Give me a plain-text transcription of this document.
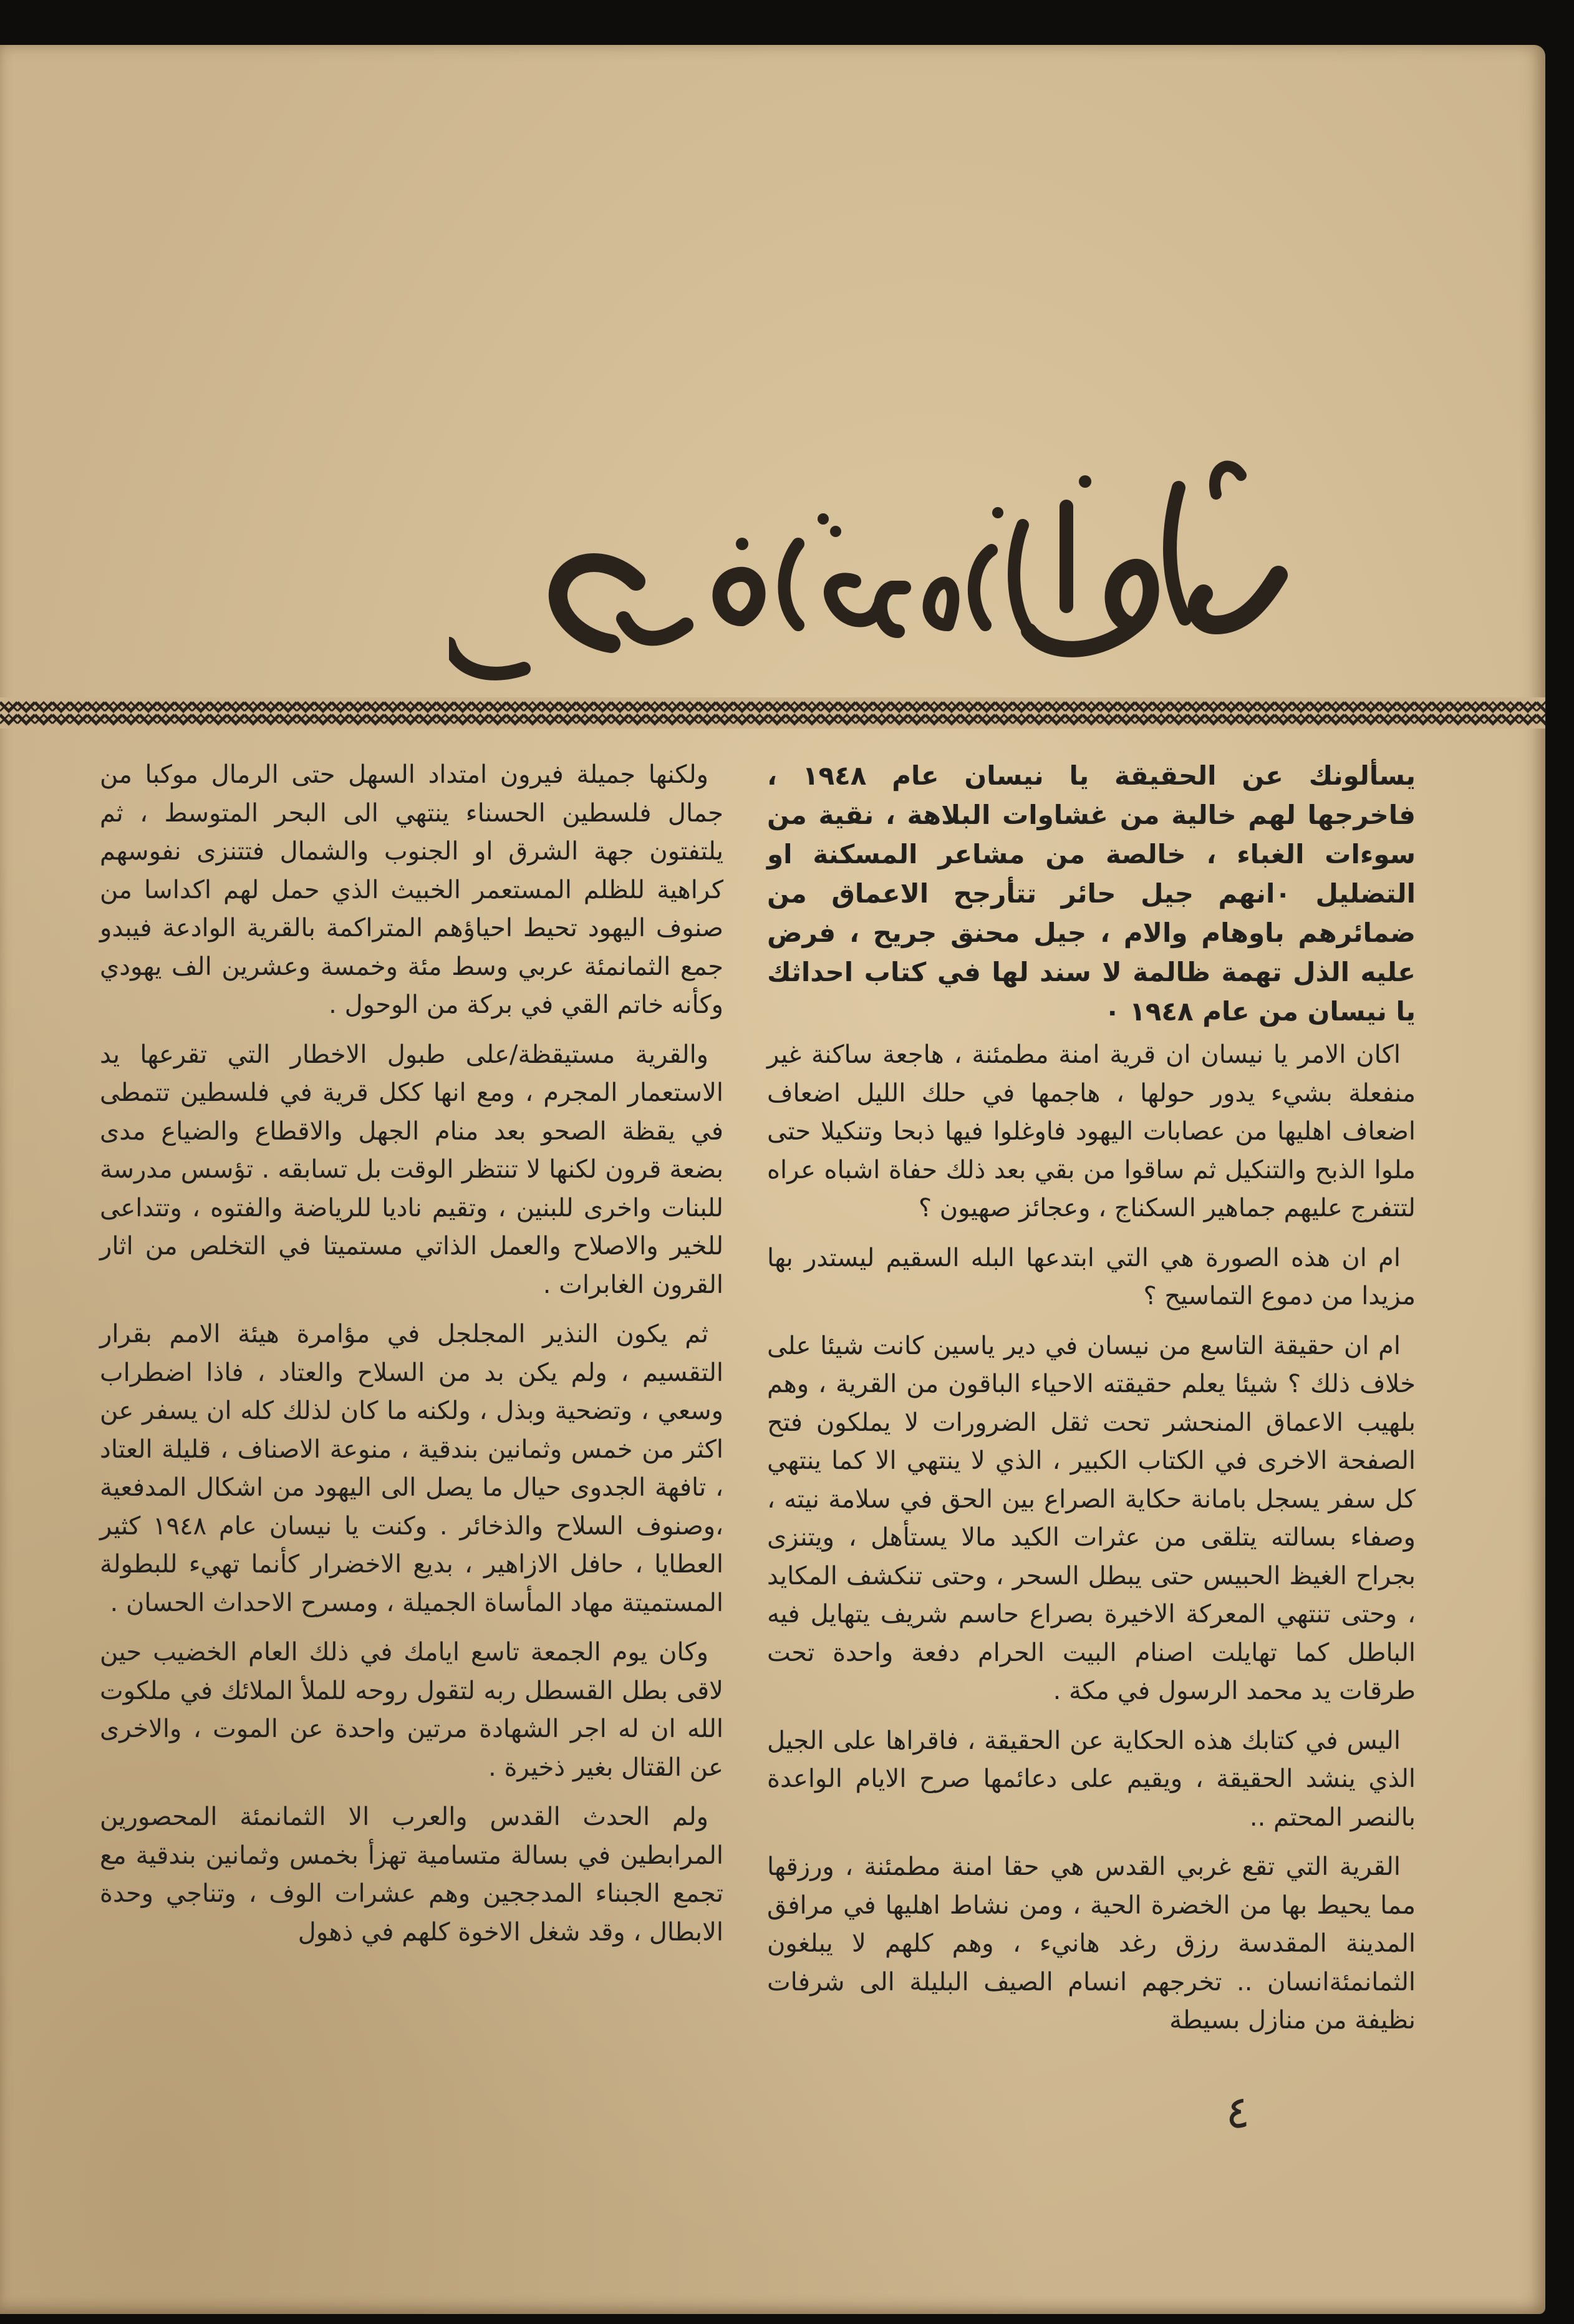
يسألونك عن الحقيقة يا نيسان عام ١٩٤٨ ، فاخرجها لهم خالية من غشاوات البلاهة ، نقية من سوءات الغباء ، خالصة من مشاعر المسكنة او التضليل ٠انهم جيل حائر تتأرجح الاعماق من ضمائرهم باوهام والام ، جيل محنق جريح ، فرض عليه الذل تهمة ظالمة لا سند لها في كتاب احداثك يا نيسان من عام ١٩٤٨ ٠

اكان الامر يا نيسان ان قرية امنة مطمئنة ، هاجعة ساكنة غير منفعلة بشيء يدور حولها ، هاجمها في حلك الليل اضعاف اضعاف اهليها من عصابات اليهود فاوغلوا فيها ذبحا وتنكيلا حتى ملوا الذبح والتنكيل ثم ساقوا من بقي بعد ذلك حفاة اشباه عراه لتتفرج عليهم جماهير السكناج ، وعجائز صهيون ؟

ام ان هذه الصورة هي التي ابتدعها البله السقيم ليستدر بها مزيدا من دموع التماسيح ؟

ام ان حقيقة التاسع من نيسان في دير ياسين كانت شيئا على خلاف ذلك ؟ شيئا يعلم حقيقته الاحياء الباقون من القرية ، وهم بلهيب الاعماق المنحشر تحت ثقل الضرورات لا يملكون فتح الصفحة الاخرى في الكتاب الكبير ، الذي لا ينتهي الا كما ينتهي كل سفر يسجل بامانة حكاية الصراع بين الحق في سلامة نيته ، وصفاء بسالته يتلقى من عثرات الكيد مالا يستأهل ، ويتنزى بجراح الغيظ الحبيس حتى يبطل السحر ، وحتى تنكشف المكايد ، وحتى تنتهي المعركة الاخيرة بصراع حاسم شريف يتهايل فيه الباطل كما تهايلت اصنام البيت الحرام دفعة واحدة تحت طرقات يد محمد الرسول في مكة .

اليس في كتابك هذه الحكاية عن الحقيقة ، فاقراها على الجيل الذي ينشد الحقيقة ، ويقيم على دعائمها صرح الايام الواعدة بالنصر المحتم ..

القرية التي تقع غربي القدس هي حقا امنة مطمئنة ، ورزقها مما يحيط بها من الخضرة الحية ، ومن نشاط اهليها في مرافق المدينة المقدسة رزق رغد هانيء ، وهم كلهم لا يبلغون الثمانمئةانسان .. تخرجهم انسام الصيف البليلة الى شرفات نظيفة من منازل بسيطة

ولكنها جميلة فيرون امتداد السهل حتى الرمال موكبا من جمال فلسطين الحسناء ينتهي الى البحر المتوسط ، ثم يلتفتون جهة الشرق او الجنوب والشمال فتتنزى نفوسهم كراهية للظلم المستعمر الخبيث الذي حمل لهم اكداسا من صنوف اليهود تحيط احياؤهم المتراكمة بالقرية الوادعة فيبدو جمع الثمانمئة عربي وسط مئة وخمسة وعشرين الف يهودي وكأنه خاتم القي في بركة من الوحول .

والقرية مستيقظة/على طبول الاخطار التي تقرعها يد الاستعمار المجرم ، ومع انها ككل قرية في فلسطين تتمطى في يقظة الصحو بعد منام الجهل والاقطاع والضياع مدى بضعة قرون لكنها لا تنتظر الوقت بل تسابقه . تؤسس مدرسة للبنات واخرى للبنين ، وتقيم ناديا للرياضة والفتوه ، وتتداعى للخير والاصلاح والعمل الذاتي مستميتا في التخلص من اثار القرون الغابرات .

ثم يكون النذير المجلجل في مؤامرة هيئة الامم بقرار التقسيم ، ولم يكن بد من السلاح والعتاد ، فاذا اضطراب وسعي ، وتضحية وبذل ، ولكنه ما كان لذلك كله ان يسفر عن اكثر من خمس وثمانين بندقية ، منوعة الاصناف ، قليلة العتاد ، تافهة الجدوى حيال ما يصل الى اليهود من اشكال المدفعية ،وصنوف السلاح والذخائر . وكنت يا نيسان عام ١٩٤٨ كثير العطايا ، حافل الازاهير ، بديع الاخضرار كأنما تهيء للبطولة المستميتة مهاد المأساة الجميلة ، ومسرح الاحداث الحسان .

وكان يوم الجمعة تاسع ايامك في ذلك العام الخضيب حين لاقى بطل القسطل ربه لتقول روحه للملأ الملائك في ملكوت الله ان له اجر الشهادة مرتين واحدة عن الموت ، والاخرى عن القتال بغير ذخيرة .

ولم الحدث القدس والعرب الا الثمانمئة المحصورين المرابطين في بسالة متسامية تهزأ بخمس وثمانين بندقية مع تجمع الجبناء المدججين وهم عشرات الوف ، وتناجي وحدة الابطال ، وقد شغل الاخوة كلهم في ذهول

٤
